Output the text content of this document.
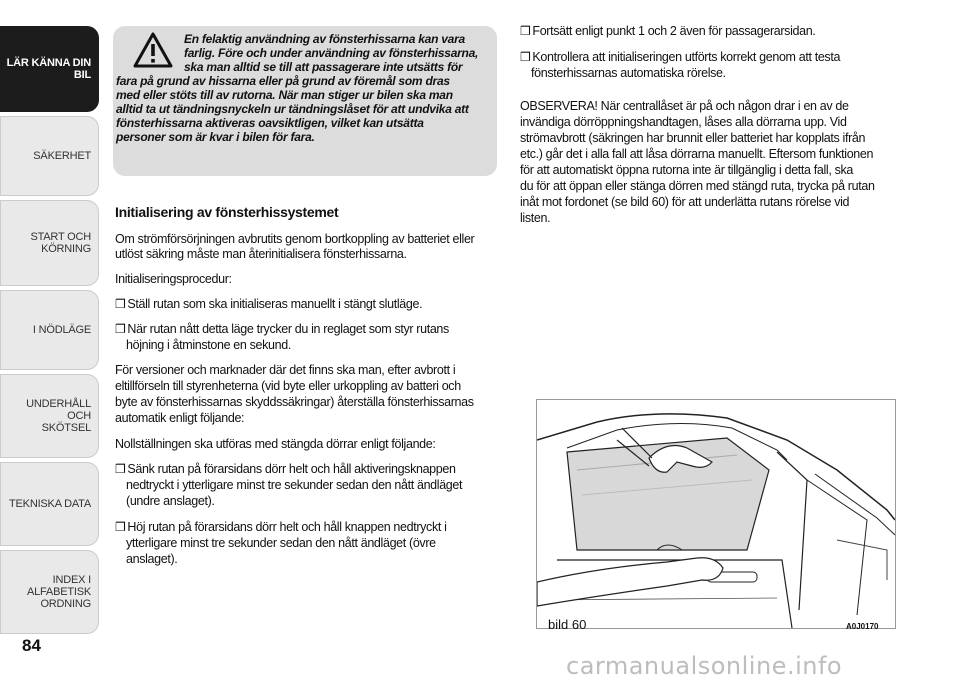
LÄR KÄNNA DIN
BIL
SÄKERHET
START OCH
KÖRNING
I NÖDLÄGE
UNDERHÅLL OCH
SKÖTSEL
TEKNISKA DATA
INDEX I ALFABETISK
ORDNING
84
En felaktig användning av fönsterhissarna kan vara
farlig. Före och under användning av fönsterhissarna,
ska man alltid se till att passagerare inte utsätts för
fara på grund av hissarna eller på grund av föremål som dras
med eller stöts till av rutorna. När man stiger ur bilen ska man
alltid ta ut tändningsnyckeln ur tändningslåset för att undvika att
fönsterhissarna aktiveras oavsiktligen, vilket kan utsätta
personer som är kvar i bilen för fara.
Initialisering av fönsterhissystemet
Om strömförsörjningen avbrutits genom bortkoppling av batteriet eller
utlöst säkring måste man återinitialisera fönsterhissarna.
Initialiseringsprocedur:
❒ Ställ rutan som ska initialiseras manuellt i stängt slutläge.
❒ När rutan nått detta läge trycker du in reglaget som styr rutans
höjning i åtminstone en sekund.
För versioner och marknader där det finns ska man, efter avbrott i
eltillförseln till styrenheterna (vid byte eller urkoppling av batteri och
byte av fönsterhissarnas skyddssäkringar) återställa fönsterhissarnas
automatik enligt följande:
Nollställningen ska utföras med stängda dörrar enligt följande:
❒ Sänk rutan på förarsidans dörr helt och håll aktiveringsknappen
nedtryckt i ytterligare minst tre sekunder sedan den nått ändläget
(undre anslaget).
❒ Höj rutan på förarsidans dörr helt och håll knappen nedtryckt i
ytterligare minst tre sekunder sedan den nått ändläget (övre
anslaget).
❒ Fortsätt enligt punkt 1 och 2 även för passagerarsidan.
❒ Kontrollera att initialiseringen utförts korrekt genom att testa
fönsterhissarnas automatiska rörelse.
OBSERVERA! När centrallåset är på och någon drar i en av de
invändiga dörröppningshandtagen, låses alla dörrarna upp. Vid
strömavbrott (säkringen har brunnit eller batteriet har kopplats ifrån
etc.) går det i alla fall att låsa dörrarna manuellt. Eftersom funktionen
för att automatiskt öppna rutorna inte är tillgänglig i detta fall, ska
du för att öppan eller stänga dörren med stängd ruta, trycka på rutan
inåt mot fordonet (se bild 60) för att underlätta rutans rörelse vid
listen.
bild 60	A0J0170
carmanualsonline.info
